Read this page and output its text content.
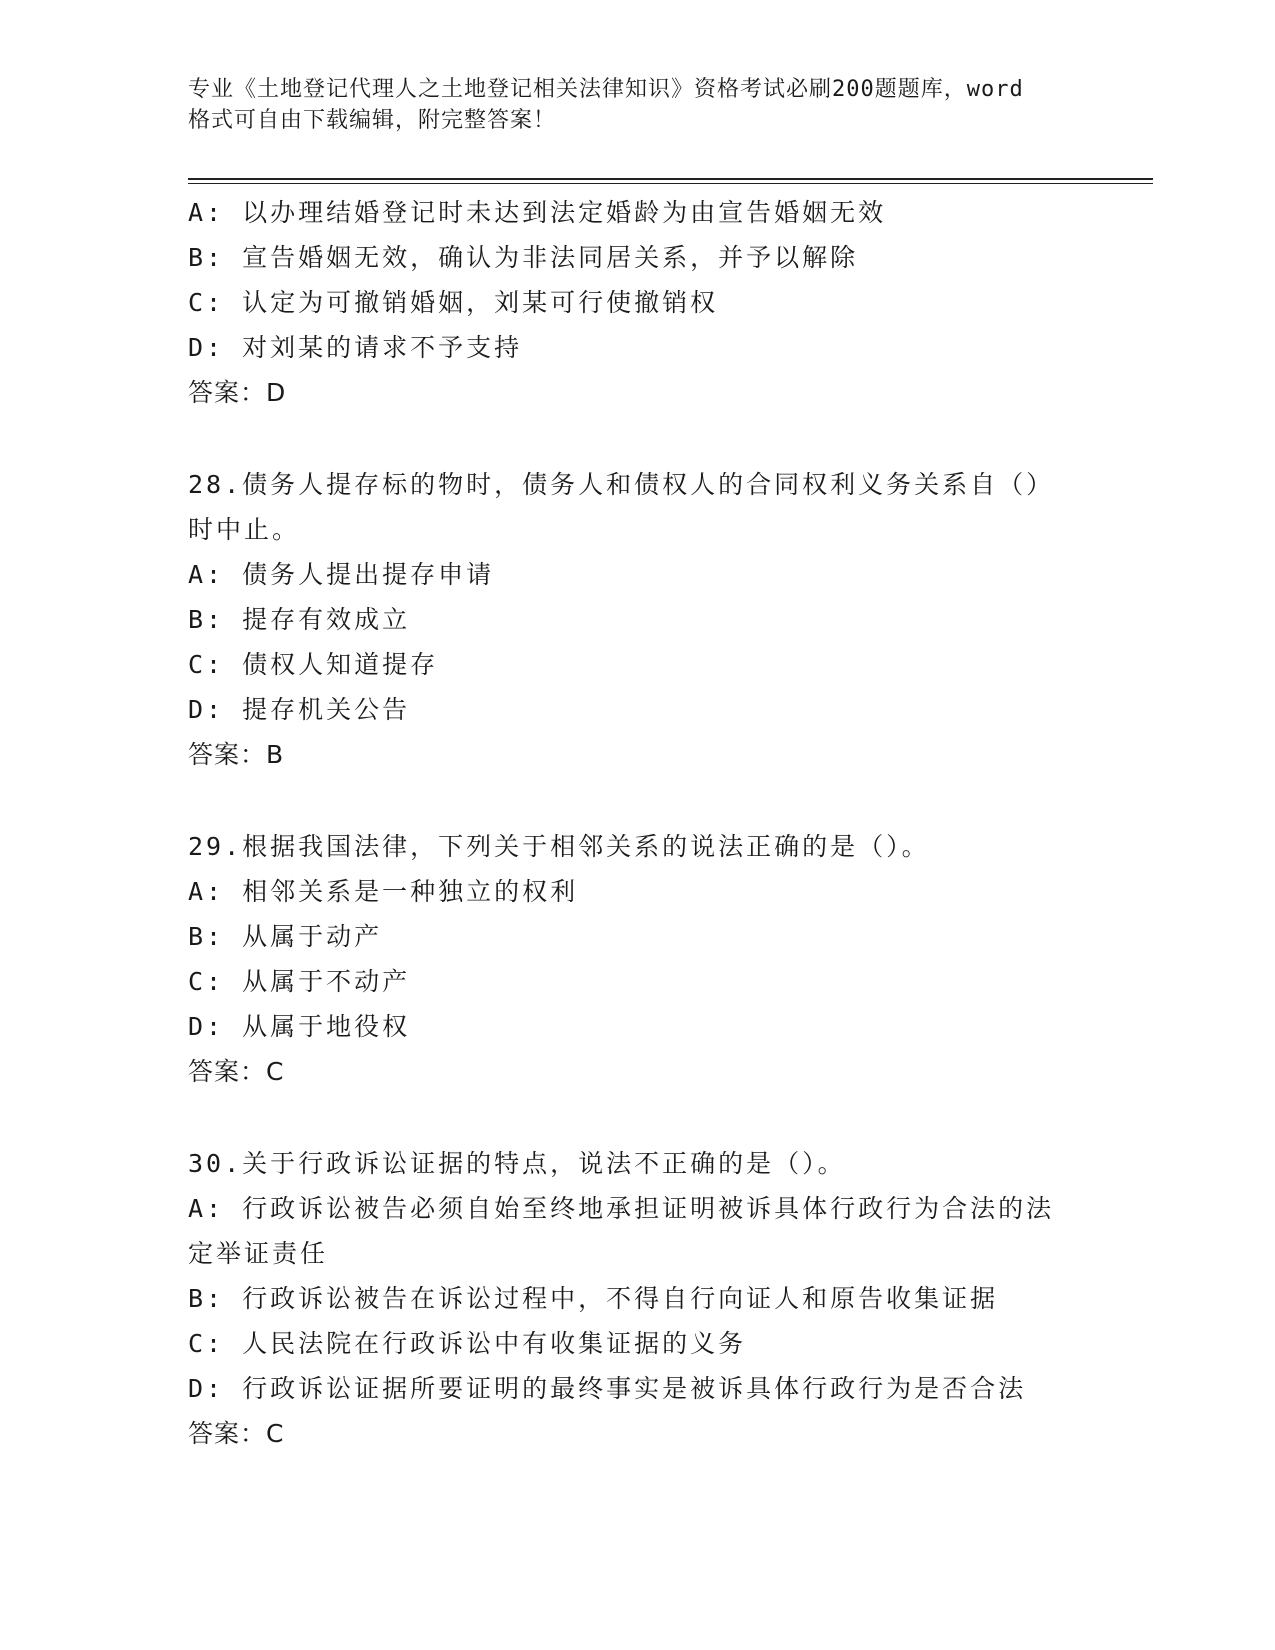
专业《土地登记代理人之土地登记相关法律知识》资格考试必刷200题题库，word
格式可自由下载编辑，附完整答案！
A: 以办理结婚登记时未达到法定婚龄为由宣告婚姻无效
B: 宣告婚姻无效，确认为非法同居关系，并予以解除
C: 认定为可撤销婚姻，刘某可行使撤销权
D: 对刘某的请求不予支持
答案：D
28.债务人提存标的物时，债务人和债权人的合同权利义务关系自（）
时中止。
A: 债务人提出提存申请
B: 提存有效成立
C: 债权人知道提存
D: 提存机关公告
答案：B
29.根据我国法律，下列关于相邻关系的说法正确的是（）。
A: 相邻关系是一种独立的权利
B: 从属于动产
C: 从属于不动产
D: 从属于地役权
答案：C
30.关于行政诉讼证据的特点，说法不正确的是（）。
A: 行政诉讼被告必须自始至终地承担证明被诉具体行政行为合法的法
定举证责任
B: 行政诉讼被告在诉讼过程中，不得自行向证人和原告收集证据
C: 人民法院在行政诉讼中有收集证据的义务
D: 行政诉讼证据所要证明的最终事实是被诉具体行政行为是否合法
答案：C
